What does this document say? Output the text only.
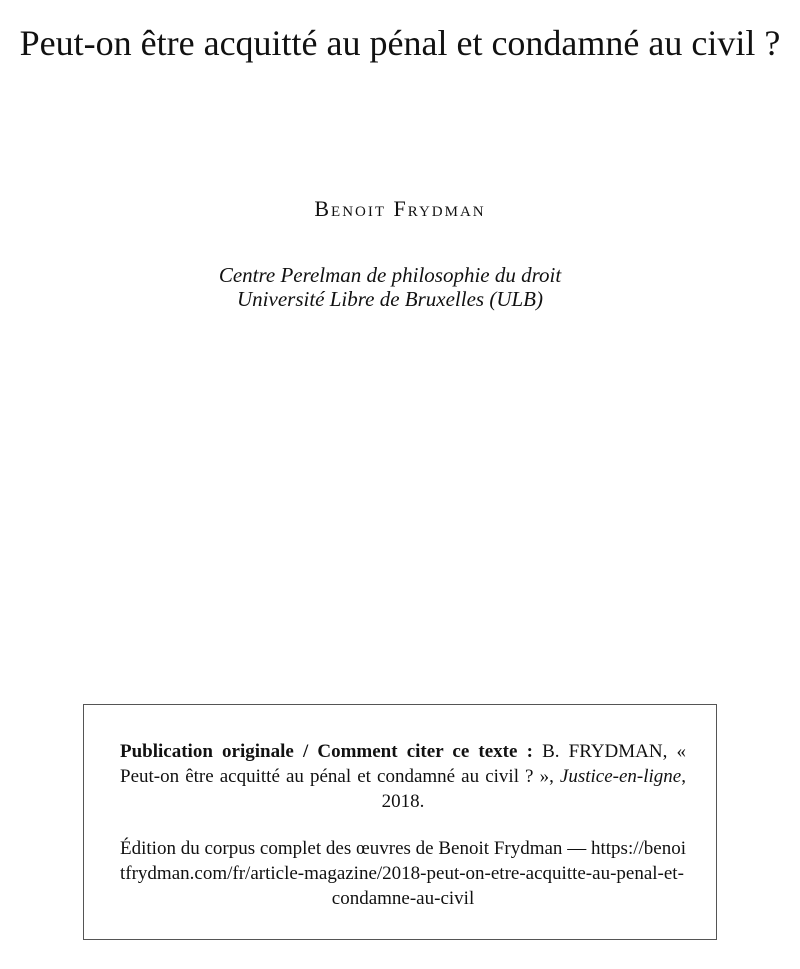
Peut-on être acquitté au pénal et condamné au civil ?
Benoit Frydman
Centre Perelman de philosophie du droit
Université Libre de Bruxelles (ULB)

Publication originale / Comment citer ce texte : B. FRYDMAN, « Peut-on être acquitté au pénal et condamné au civil ? », Justice-en-ligne, 2018.

Édition du corpus complet des œuvres de Benoit Frydman — https://benoitfrydman.com/fr/article-magazine/2018-peut-on-etre-acquitte-au-penal-et-condamne-au-civil
